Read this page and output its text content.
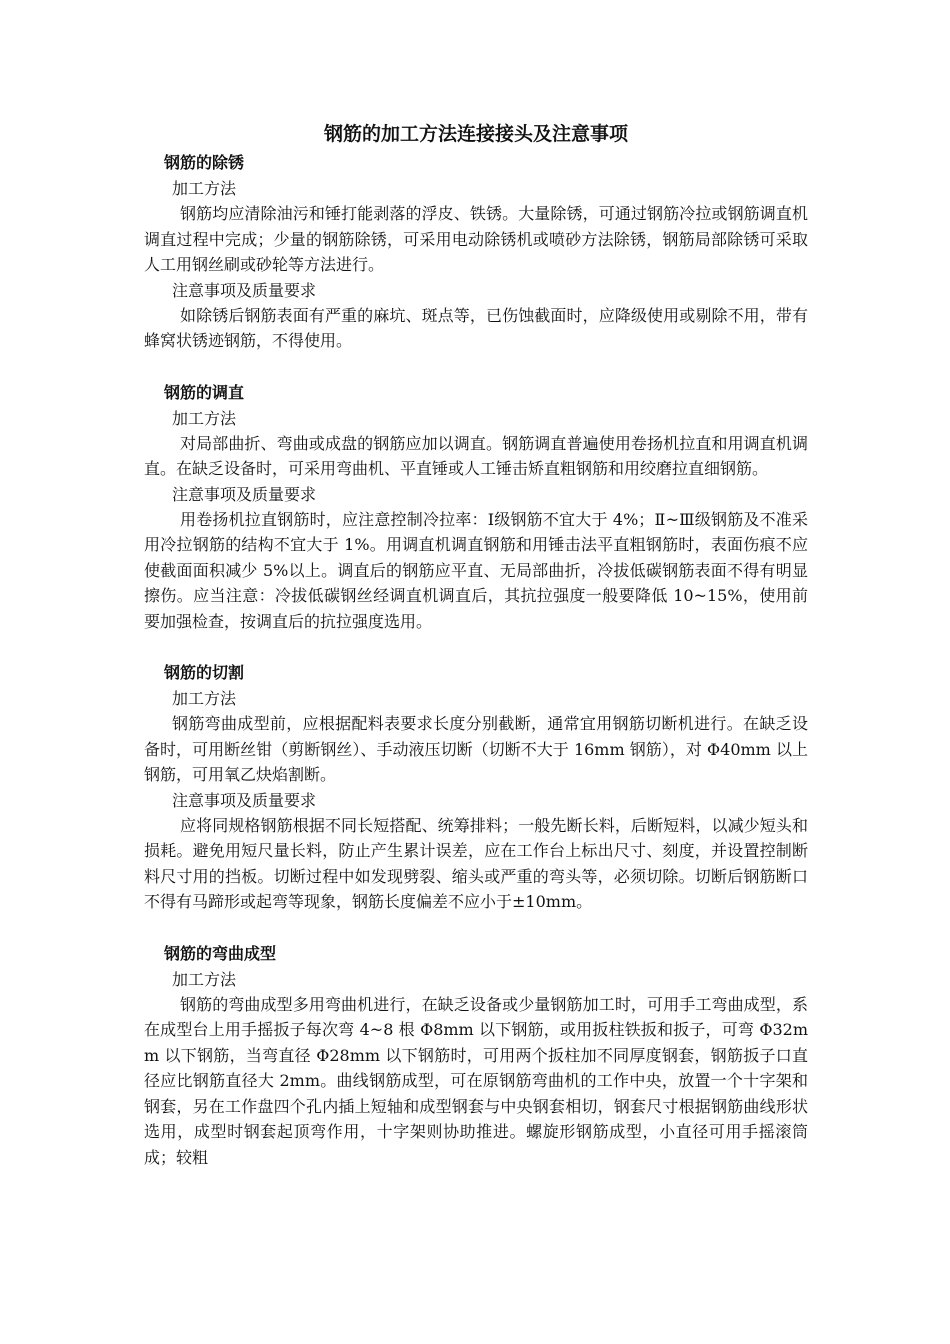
钢筋的加工方法连接接头及注意事项
钢筋的除锈
加工方法

钢筋均应清除油污和锤打能剥落的浮皮、铁锈。大量除锈，可通过钢筋冷拉或钢筋调直机调直过程中完成；少量的钢筋除锈，可采用电动除锈机或喷砂方法除锈，钢筋局部除锈可采取人工用钢丝刷或砂轮等方法进行。

注意事项及质量要求

如除锈后钢筋表面有严重的麻坑、斑点等，已伤蚀截面时，应降级使用或剔除不用，带有蜂窝状锈迹钢筋，不得使用。

钢筋的调直
加工方法

对局部曲折、弯曲或成盘的钢筋应加以调直。钢筋调直普遍使用卷扬机拉直和用调直机调直。在缺乏设备时，可采用弯曲机、平直锤或人工锤击矫直粗钢筋和用绞磨拉直细钢筋。

注意事项及质量要求

用卷扬机拉直钢筋时，应注意控制冷拉率：Ⅰ级钢筋不宜大于 4%；Ⅱ~Ⅲ级钢筋及不准采用冷拉钢筋的结构不宜大于 1%。用调直机调直钢筋和用锤击法平直粗钢筋时，表面伤痕不应使截面面积减少 5%以上。调直后的钢筋应平直、无局部曲折，冷拔低碳钢筋表面不得有明显擦伤。应当注意：冷拔低碳钢丝经调直机调直后，其抗拉强度一般要降低 10~15%，使用前要加强检查，按调直后的抗拉强度选用。

钢筋的切割
加工方法

钢筋弯曲成型前，应根据配料表要求长度分别截断，通常宜用钢筋切断机进行。在缺乏设备时，可用断丝钳（剪断钢丝）、手动液压切断（切断不大于 16mm 钢筋），对 Φ40mm 以上钢筋，可用氧乙炔焰割断。

注意事项及质量要求

应将同规格钢筋根据不同长短搭配、统筹排料；一般先断长料，后断短料，以减少短头和损耗。避免用短尺量长料，防止产生累计误差，应在工作台上标出尺寸、刻度，并设置控制断料尺寸用的挡板。切断过程中如发现劈裂、缩头或严重的弯头等，必须切除。切断后钢筋断口不得有马蹄形或起弯等现象，钢筋长度偏差不应小于±10mm。

钢筋的弯曲成型
加工方法

钢筋的弯曲成型多用弯曲机进行，在缺乏设备或少量钢筋加工时，可用手工弯曲成型，系在成型台上用手摇扳子每次弯 4~8 根 Φ8mm 以下钢筋，或用扳柱铁扳和扳子，可弯 Φ32mm 以下钢筋，当弯直径 Φ28mm 以下钢筋时，可用两个扳柱加不同厚度钢套，钢筋扳子口直径应比钢筋直径大 2mm。曲线钢筋成型，可在原钢筋弯曲机的工作中央，放置一个十字架和钢套，另在工作盘四个孔内插上短轴和成型钢套与中央钢套相切，钢套尺寸根据钢筋曲线形状选用，成型时钢套起顶弯作用，十字架则协助推进。螺旋形钢筋成型，小直径可用手摇滚筒成；较粗
